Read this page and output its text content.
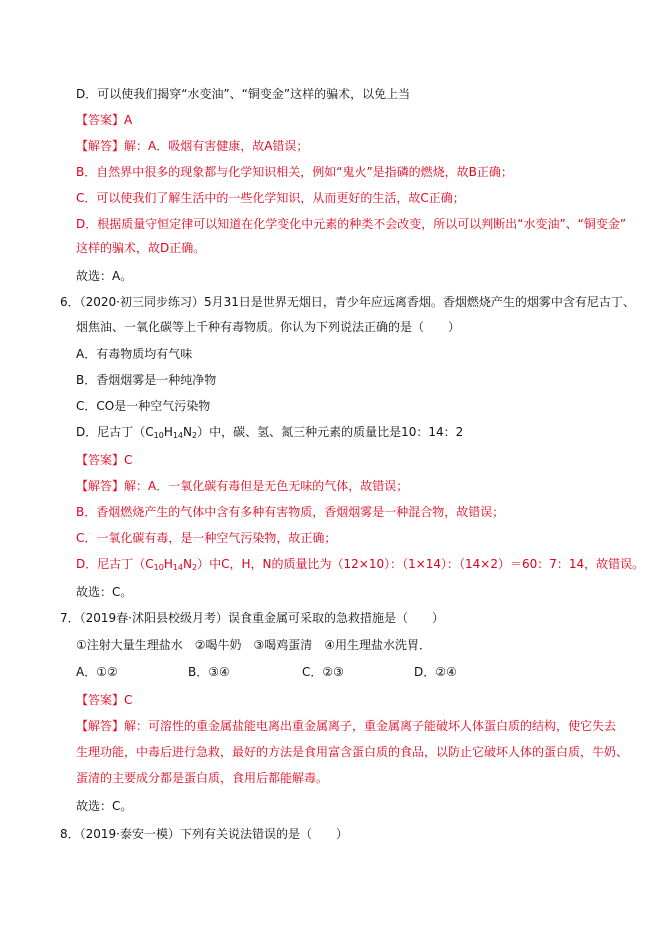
D．可以使我们揭穿“水变油”、“铜变金”这样的骗术，以免上当
【答案】A
【解答】解：A．吸烟有害健康，故A错误；
B．自然界中很多的现象都与化学知识相关，例如“鬼火”是指磷的燃烧，故B正确；
C．可以使我们了解生活中的一些化学知识，从而更好的生活，故C正确；
D．根据质量守恒定律可以知道在化学变化中元素的种类不会改变，所以可以判断出“水变油”、“铜变金”
这样的骗术，故D正确。
故选：A。
6．（2020·初三同步练习）5月31日是世界无烟日，青少年应远离香烟。香烟燃烧产生的烟雾中含有尼古丁、
烟焦油、一氧化碳等上千种有毒物质。你认为下列说法正确的是（　　）
A．有毒物质均有气味
B．香烟烟雾是一种纯净物
C．CO是一种空气污染物
D．尼古丁$(C_{10}H_{14}N_2)$中，碳、氢、氮三种元素的质量比是10：14：2
【答案】C
【解答】解：A．一氧化碳有毒但是无色无味的气体，故错误；
B．香烟燃烧产生的气体中含有多种有害物质，香烟烟雾是一种混合物，故错误；
C．一氧化碳有毒，是一种空气污染物，故正确；
D．尼古丁$(C_{10}H_{14}N_2)$中C，H，N的质量比为（12×10）：（1×14）：（14×2）＝60：7：14，故错误。
故选：C。
7．（2019春·沭阳县校级月考）误食重金属可采取的急救措施是（　　）
①注射大量生理盐水　②喝牛奶　③喝鸡蛋清　④用生理盐水洗胃．
A．①②	B．③④	C．②③	D．②④
【答案】C
【解答】解：可溶性的重金属盐能电离出重金属离子，重金属离子能破坏人体蛋白质的结构，使它失去
生理功能，中毒后进行急救，最好的方法是食用富含蛋白质的食品，以防止它破坏人体的蛋白质，牛奶、
蛋清的主要成分都是蛋白质，食用后都能解毒。
故选：C。
8．（2019·泰安一模）下列有关说法错误的是（　　）
